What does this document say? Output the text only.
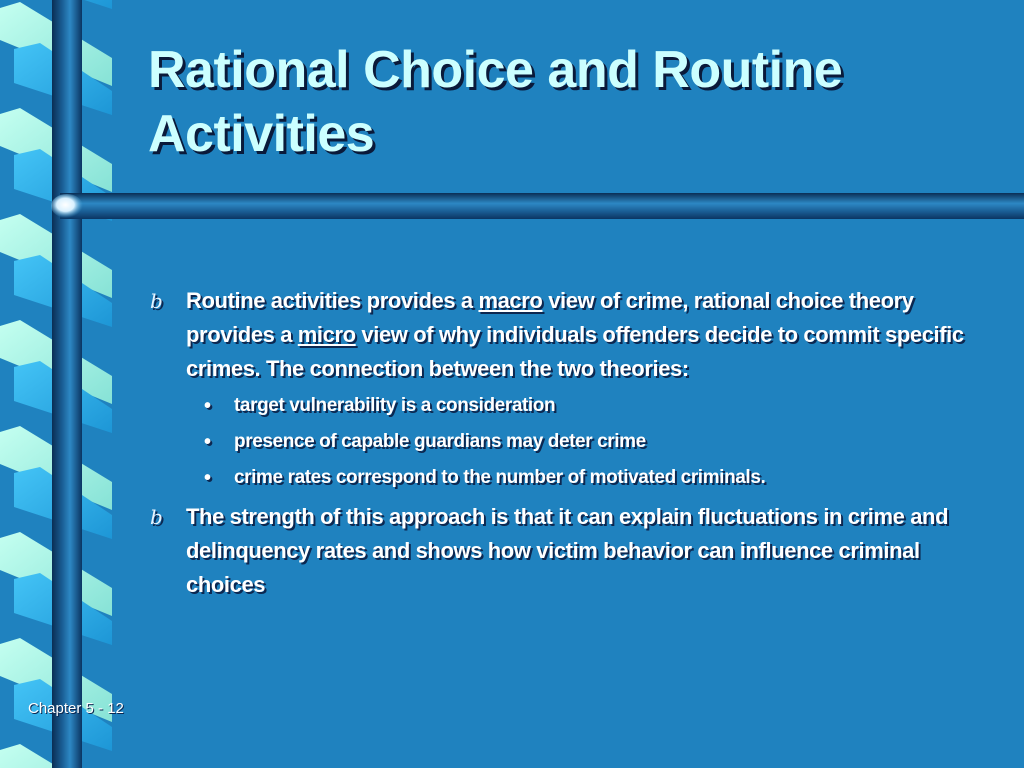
Rational Choice and Routine
Activities
b Routine activities provides a macro view of crime, rational choice theory provides a micro view of why individuals offenders decide to commit specific crimes. The connection between the two theories:
• target vulnerability is a consideration
• presence of capable guardians may deter crime
• crime rates correspond to the number of motivated criminals.
b The strength of this approach is that it can explain fluctuations in crime and delinquency rates and shows how victim behavior can influence criminal choices
Chapter 5 - 12
